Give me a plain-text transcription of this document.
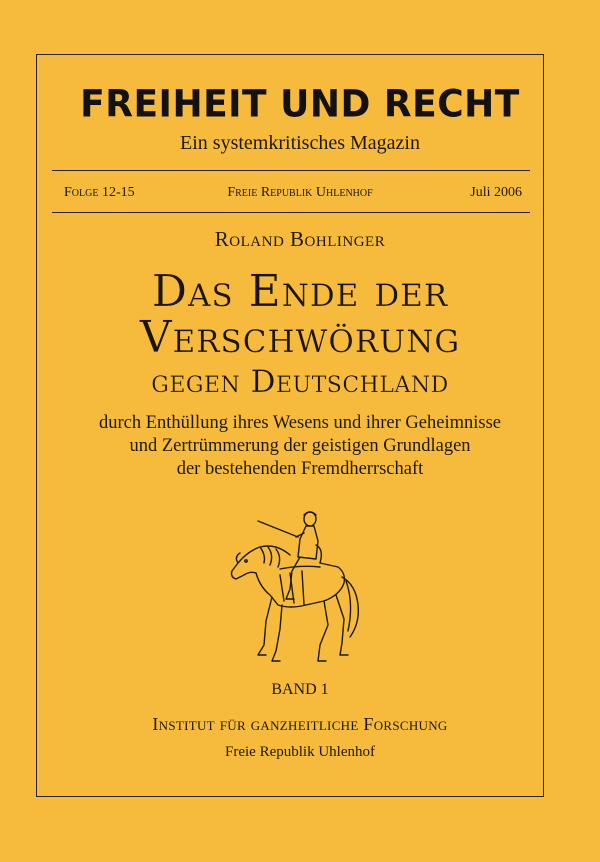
FREIHEIT UND RECHT
Ein systemkritisches Magazin
Folge 12-15	Freie Republik Uhlenhof	Juli 2006
Roland Bohlinger
Das Ende der
Verschwörung
gegen Deutschland
durch Enthüllung ihres Wesens und ihrer Geheimnisse
und Zertrümmerung der geistigen Grundlagen
der bestehenden Fremdherrschaft
BAND 1
Institut für ganzheitliche Forschung
Freie Republik Uhlenhof
